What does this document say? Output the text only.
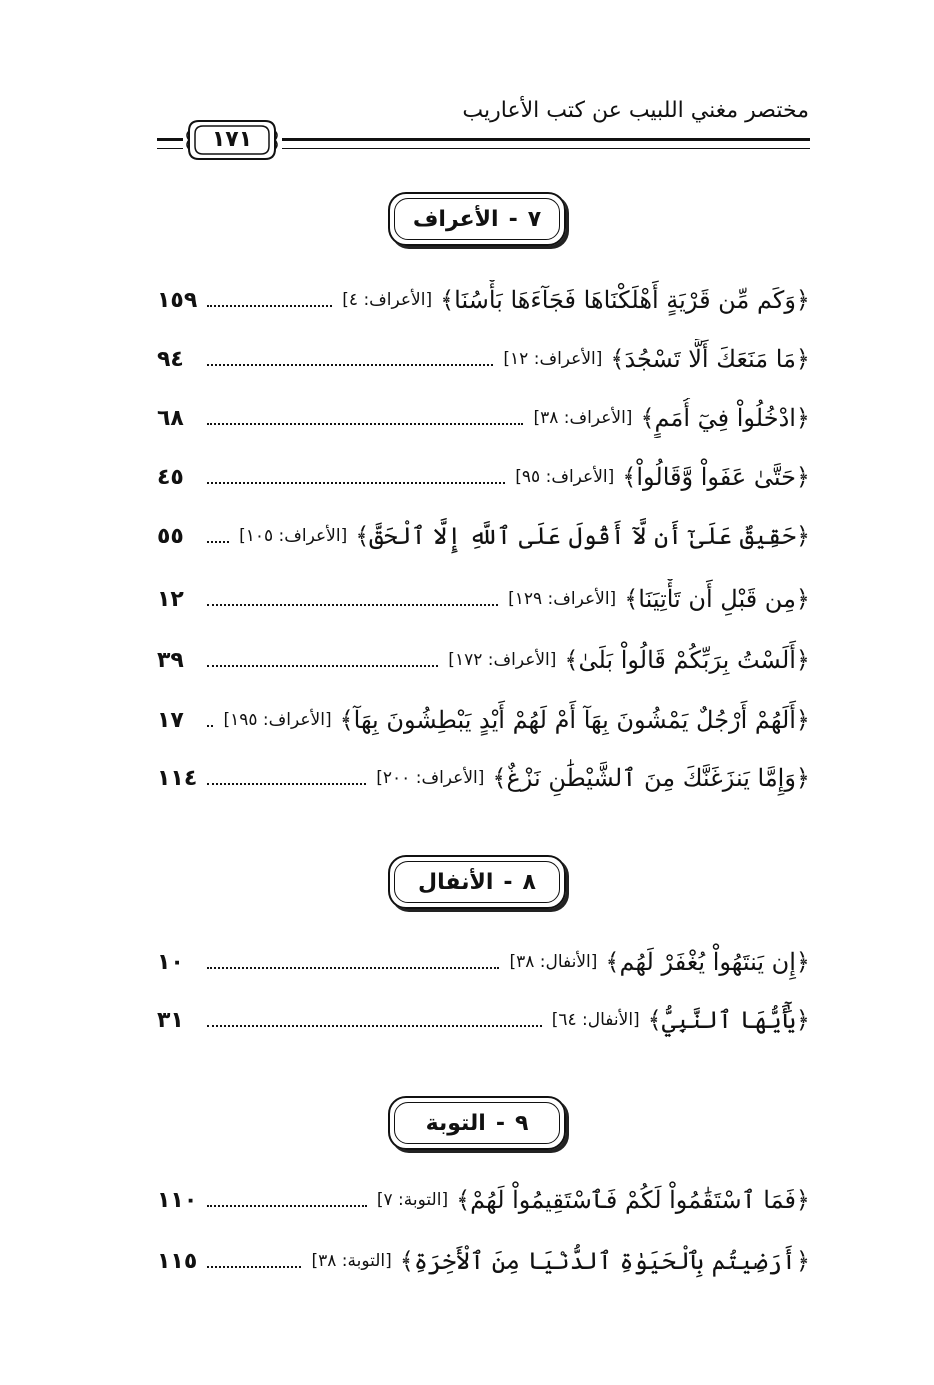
مختصر مغني اللبيب عن كتب الأعاريب
١٧١
٧
-
الأعراف
﴿وَكَم مِّن قَرْيَةٍ أَهْلَكْنَاهَا فَجَآءَهَا بَأْسُنَا﴾
[الأعراف: ٤]
١٥٩
﴿مَا مَنَعَكَ أَلَّا تَسْجُدَ﴾
[الأعراف: ١٢]
٩٤
﴿ادْخُلُواْ فِيٓ أُمَمٍ﴾
[الأعراف: ٣٨]
٦٨
﴿حَتَّىٰ عَفَواْ وَّقَالُواْ﴾
[الأعراف: ٩٥]
٤٥
﴿حَقِيقٌ عَلَىٰٓ أَن لَّآ أَقُولَ عَلَى ٱللَّهِ إِلَّا ٱلْحَقَّ﴾
[الأعراف: ١٠٥]
٥٥
﴿مِن قَبْلِ أَن تَأْتِيَنَا﴾
[الأعراف: ١٢٩]
١٢
﴿أَلَسْتُ بِرَبِّكُمْ قَالُواْ بَلَىٰ﴾
[الأعراف: ١٧٢]
٣٩
﴿أَلَهُمْ أَرْجُلٌ يَمْشُونَ بِهَآ أَمْ لَهُمْ أَيْدٍ يَبْطِشُونَ بِهَآ﴾
[الأعراف: ١٩٥]
١٧
﴿وَإِمَّا يَنزَغَنَّكَ مِنَ ٱلشَّيْطَٰنِ نَزْغٌ﴾
[الأعراف: ٢٠٠]
١١٤
٨
-
الأنفال
﴿إِن يَنتَهُواْ يُغْفَرْ لَهُم﴾
[الأنفال: ٣٨]
١٠
﴿يَٰٓأَيُّهَا ٱلنَّبِيُّ﴾
[الأنفال: ٦٤]
٣١
٩
-
التوبة
﴿فَمَا ٱسْتَقَٰمُواْ لَكُمْ فَٱسْتَقِيمُواْ لَهُمْ﴾
[التوبة: ٧]
١١٠
﴿أَرَضِيتُم بِٱلْحَيَوٰةِ ٱلدُّنْيَا مِنَ ٱلْأَخِرَةِ﴾
[التوبة: ٣٨]
١١٥
